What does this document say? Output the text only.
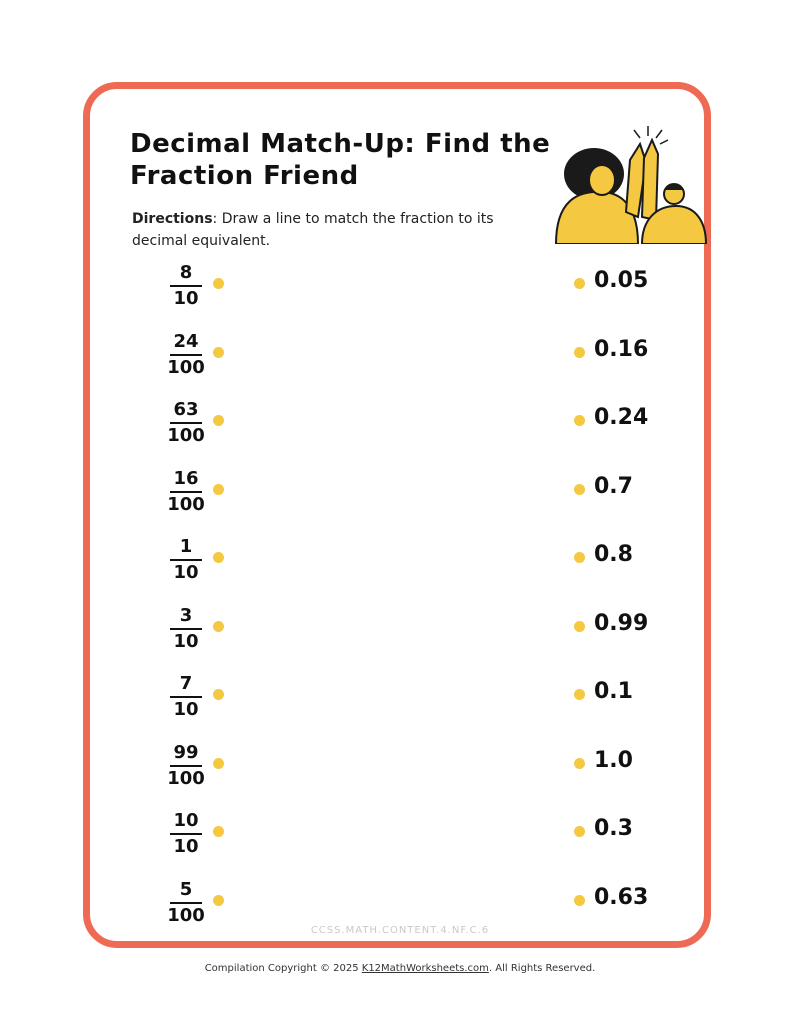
Decimal Match-Up: Find the Fraction Friend
Directions: Draw a line to match the fraction to its decimal equivalent.
8
10
0.05
24
100
0.16
63
100
0.24
16
100
0.7
1
10
0.8
3
10
0.99
7
10
0.1
99
100
1.0
10
10
0.3
5
100
0.63
CCSS.MATH.CONTENT.4.NF.C.6
Compilation Copyright © 2025 K12MathWorksheets.com. All Rights Reserved.
